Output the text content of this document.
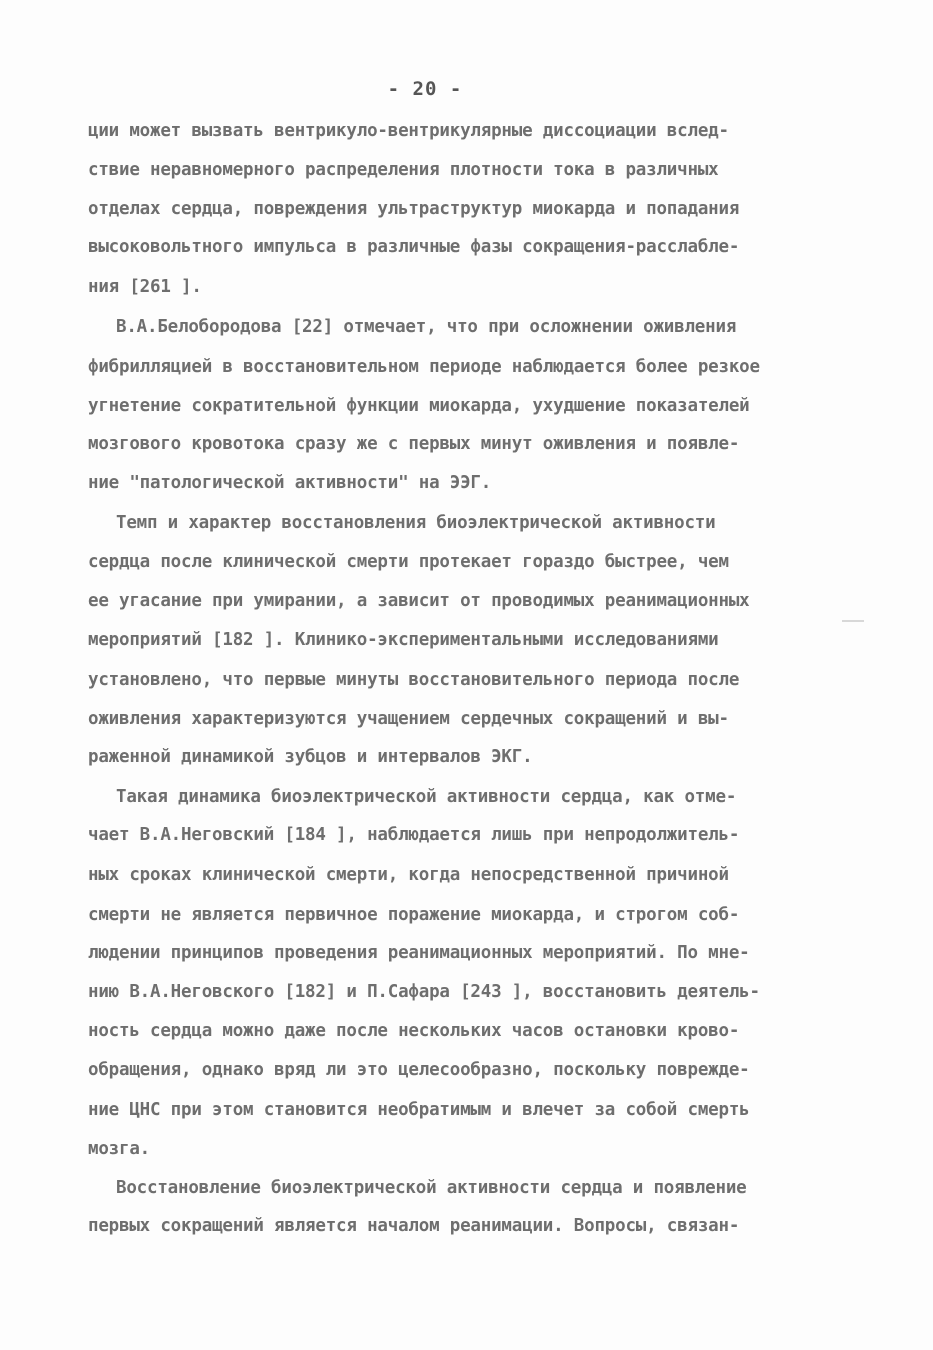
- 20 -
ции может вызвать вентрикуло-вентрикулярные диссоциации вслед-
ствие неравномерного распределения плотности тока в различных
отделах сердца, повреждения ультраструктур миокарда и попадания
высоковольтного импульса в различные фазы сокращения-расслабле-
ния [261 ].
В.А.Белобородова [22] отмечает, что при осложнении оживления
фибрилляцией в восстановительном периоде наблюдается более резкое
угнетение сократительной функции миокарда, ухудшение показателей
мозгового кровотока сразу же с первых минут оживления и появле-
ние "патологической активности" на ЭЭГ.
Темп и характер восстановления биоэлектрической активности
сердца после клинической смерти протекает гораздо быстрее, чем
ее угасание при умирании, а зависит от проводимых реанимационных
мероприятий [182 ]. Клинико-экспериментальными исследованиями
установлено, что первые минуты восстановительного периода после
оживления характеризуются учащением сердечных сокращений и вы-
раженной динамикой зубцов и интервалов ЭКГ.
Такая динамика биоэлектрической активности сердца, как отме-
чает В.А.Неговский [184 ], наблюдается лишь при непродолжитель-
ных сроках клинической смерти, когда непосредственной причиной
смерти не является первичное поражение миокарда, и строгом соб-
людении принципов проведения реанимационных мероприятий. По мне-
нию В.А.Неговского [182] и П.Сафара [243 ], восстановить деятель-
ность сердца можно даже после нескольких часов остановки крово-
обращения, однако вряд ли это целесообразно, поскольку поврежде-
ние ЦНС при этом становится необратимым и влечет за собой смерть
мозга.
Восстановление биоэлектрической активности сердца и появление
первых сокращений является началом реанимации. Вопросы, связан-
